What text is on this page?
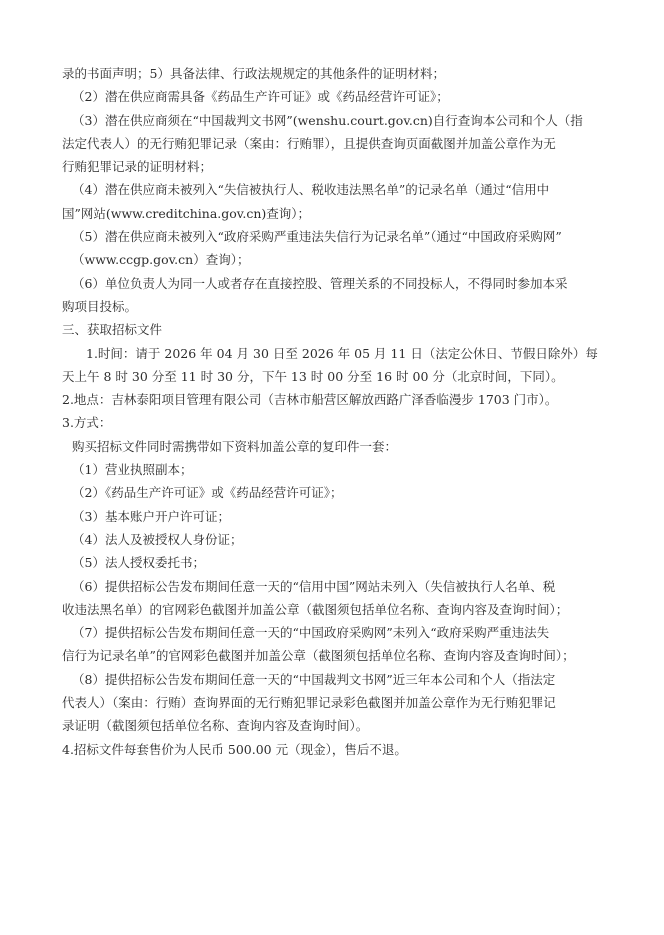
录的书面声明；5）具备法律、行政法规规定的其他条件的证明材料；
（2）潜在供应商需具备《药品生产许可证》或《药品经营许可证》；
（3）潜在供应商须在“中国裁判文书网”(wenshu.court.gov.cn)自行查询本公司和个人（指
法定代表人）的无行贿犯罪记录（案由：行贿罪），且提供查询页面截图并加盖公章作为无
行贿犯罪记录的证明材料；
（4）潜在供应商未被列入“失信被执行人、税收违法黑名单”的记录名单（通过“信用中
国”网站(www.creditchina.gov.cn)查询）；
（5）潜在供应商未被列入“政府采购严重违法失信行为记录名单”（通过“中国政府采购网”
（www.ccgp.gov.cn）查询）；
（6）单位负责人为同一人或者存在直接控股、管理关系的不同投标人，不得同时参加本采
购项目投标。
三、获取招标文件
1.时间：请于 2026 年 04 月 30 日至 2026 年 05 月 11 日（法定公休日、节假日除外）每
天上午 8 时 30 分至 11 时 30 分，下午 13 时 00 分至 16 时 00 分（北京时间，下同）。
2.地点：吉林泰阳项目管理有限公司（吉林市船营区解放西路广泽香临漫步 1703 门市）。
3.方式：
购买招标文件同时需携带如下资料加盖公章的复印件一套：
（1）营业执照副本；
（2）《药品生产许可证》或《药品经营许可证》；
（3）基本账户开户许可证；
（4）法人及被授权人身份证；
（5）法人授权委托书；
（6）提供招标公告发布期间任意一天的“信用中国”网站未列入（失信被执行人名单、税
收违法黑名单）的官网彩色截图并加盖公章（截图须包括单位名称、查询内容及查询时间）；
（7）提供招标公告发布期间任意一天的“中国政府采购网”未列入“政府采购严重违法失
信行为记录名单”的官网彩色截图并加盖公章（截图须包括单位名称、查询内容及查询时间）；
（8）提供招标公告发布期间任意一天的“中国裁判文书网”近三年本公司和个人（指法定
代表人）（案由：行贿）查询界面的无行贿犯罪记录彩色截图并加盖公章作为无行贿犯罪记
录证明（截图须包括单位名称、查询内容及查询时间）。
4.招标文件每套售价为人民币 500.00 元（现金），售后不退。
